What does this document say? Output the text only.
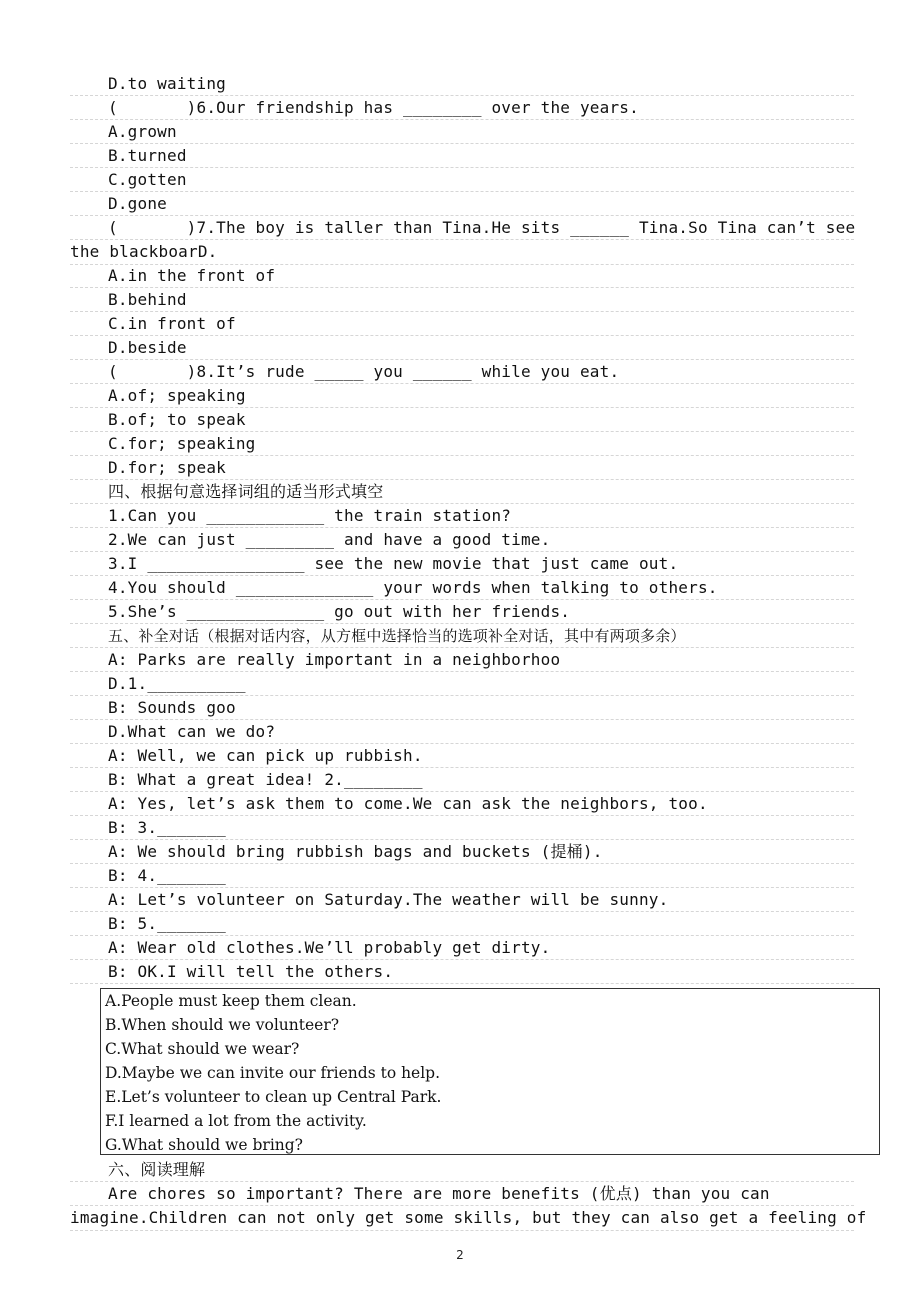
D.to waiting
(       )6.Our friendship has ________ over the years.
A.grown
B.turned
C.gotten
D.gone
(       )7.The boy is taller than Tina.He sits ______ Tina.So Tina can’t see
the blackboarD.
A.in the front of
B.behind
C.in front of
D.beside
(       )8.It’s rude _____ you ______ while you eat.
A.of; speaking
B.of; to speak
C.for; speaking
D.for; speak
四、根据句意选择词组的适当形式填空
1.Can you ____________ the train station?
2.We can just _________ and have a good time.
3.I ________________ see the new movie that just came out.
4.You should ______________ your words when talking to others.
5.She’s ______________ go out with her friends.
五、补全对话（根据对话内容，从方框中选择恰当的选项补全对话，其中有两项多余）
A: Parks are really important in a neighborhoo
D.1.__________
B: Sounds goo
D.What can we do?
A: Well, we can pick up rubbish.
B: What a great idea! 2.________
A: Yes, let’s ask them to come.We can ask the neighbors, too.
B: 3._______
A: We should bring rubbish bags and buckets (提桶).
B: 4._______
A: Let’s volunteer on Saturday.The weather will be sunny.
B: 5._______
A: Wear old clothes.We’ll probably get dirty.
B: OK.I will tell the others.
A.People must keep them clean.
B.When should we volunteer?
C.What should we wear?
D.Maybe we can invite our friends to help.
E.Let’s volunteer to clean up Central Park.
F.I learned a lot from the activity.
G.What should we bring?
六、阅读理解
Are chores so important? There are more benefits (优点) than you can
imagine.Children can not only get some skills, but they can also get a feeling of
2
